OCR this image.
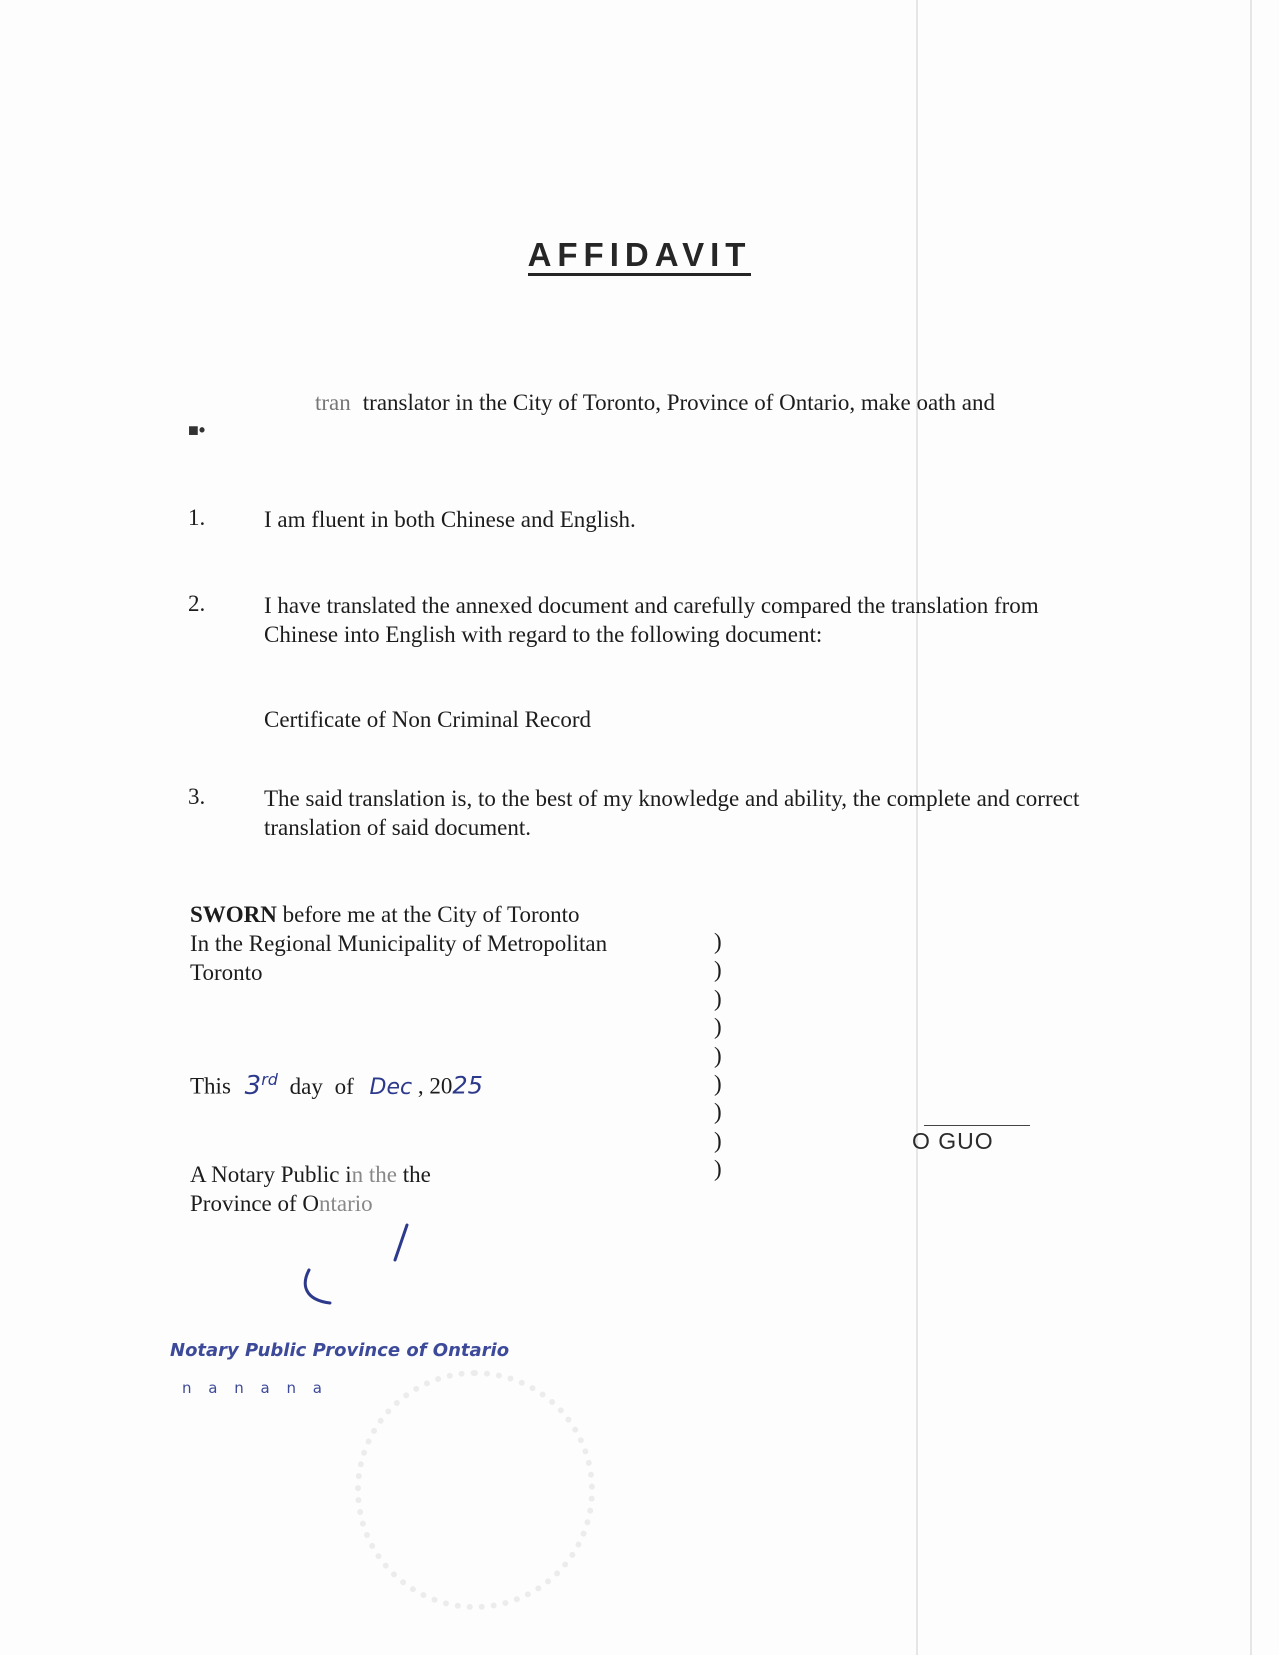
AFFIDAVIT
■•
tran translator in the City of Toronto, Province of Ontario, make oath and
1.	I am fluent in both Chinese and English.
2.	I have translated the annexed document and carefully compared the translation from Chinese into English with regard to the following document:
Certificate of Non Criminal Record
3.	The said translation is, to the best of my knowledge and ability, the complete and correct translation of said document.
SWORN before me at the City of Toronto
In the Regional Municipality of Metropolitan
Toronto
)
)
)
)
)
)
)
)
)
This 3rd day of Dec , 2025
A Notary Public in the the
Province of Ontario
O GUO
Notary Public Province of Ontario
n a n a n a
